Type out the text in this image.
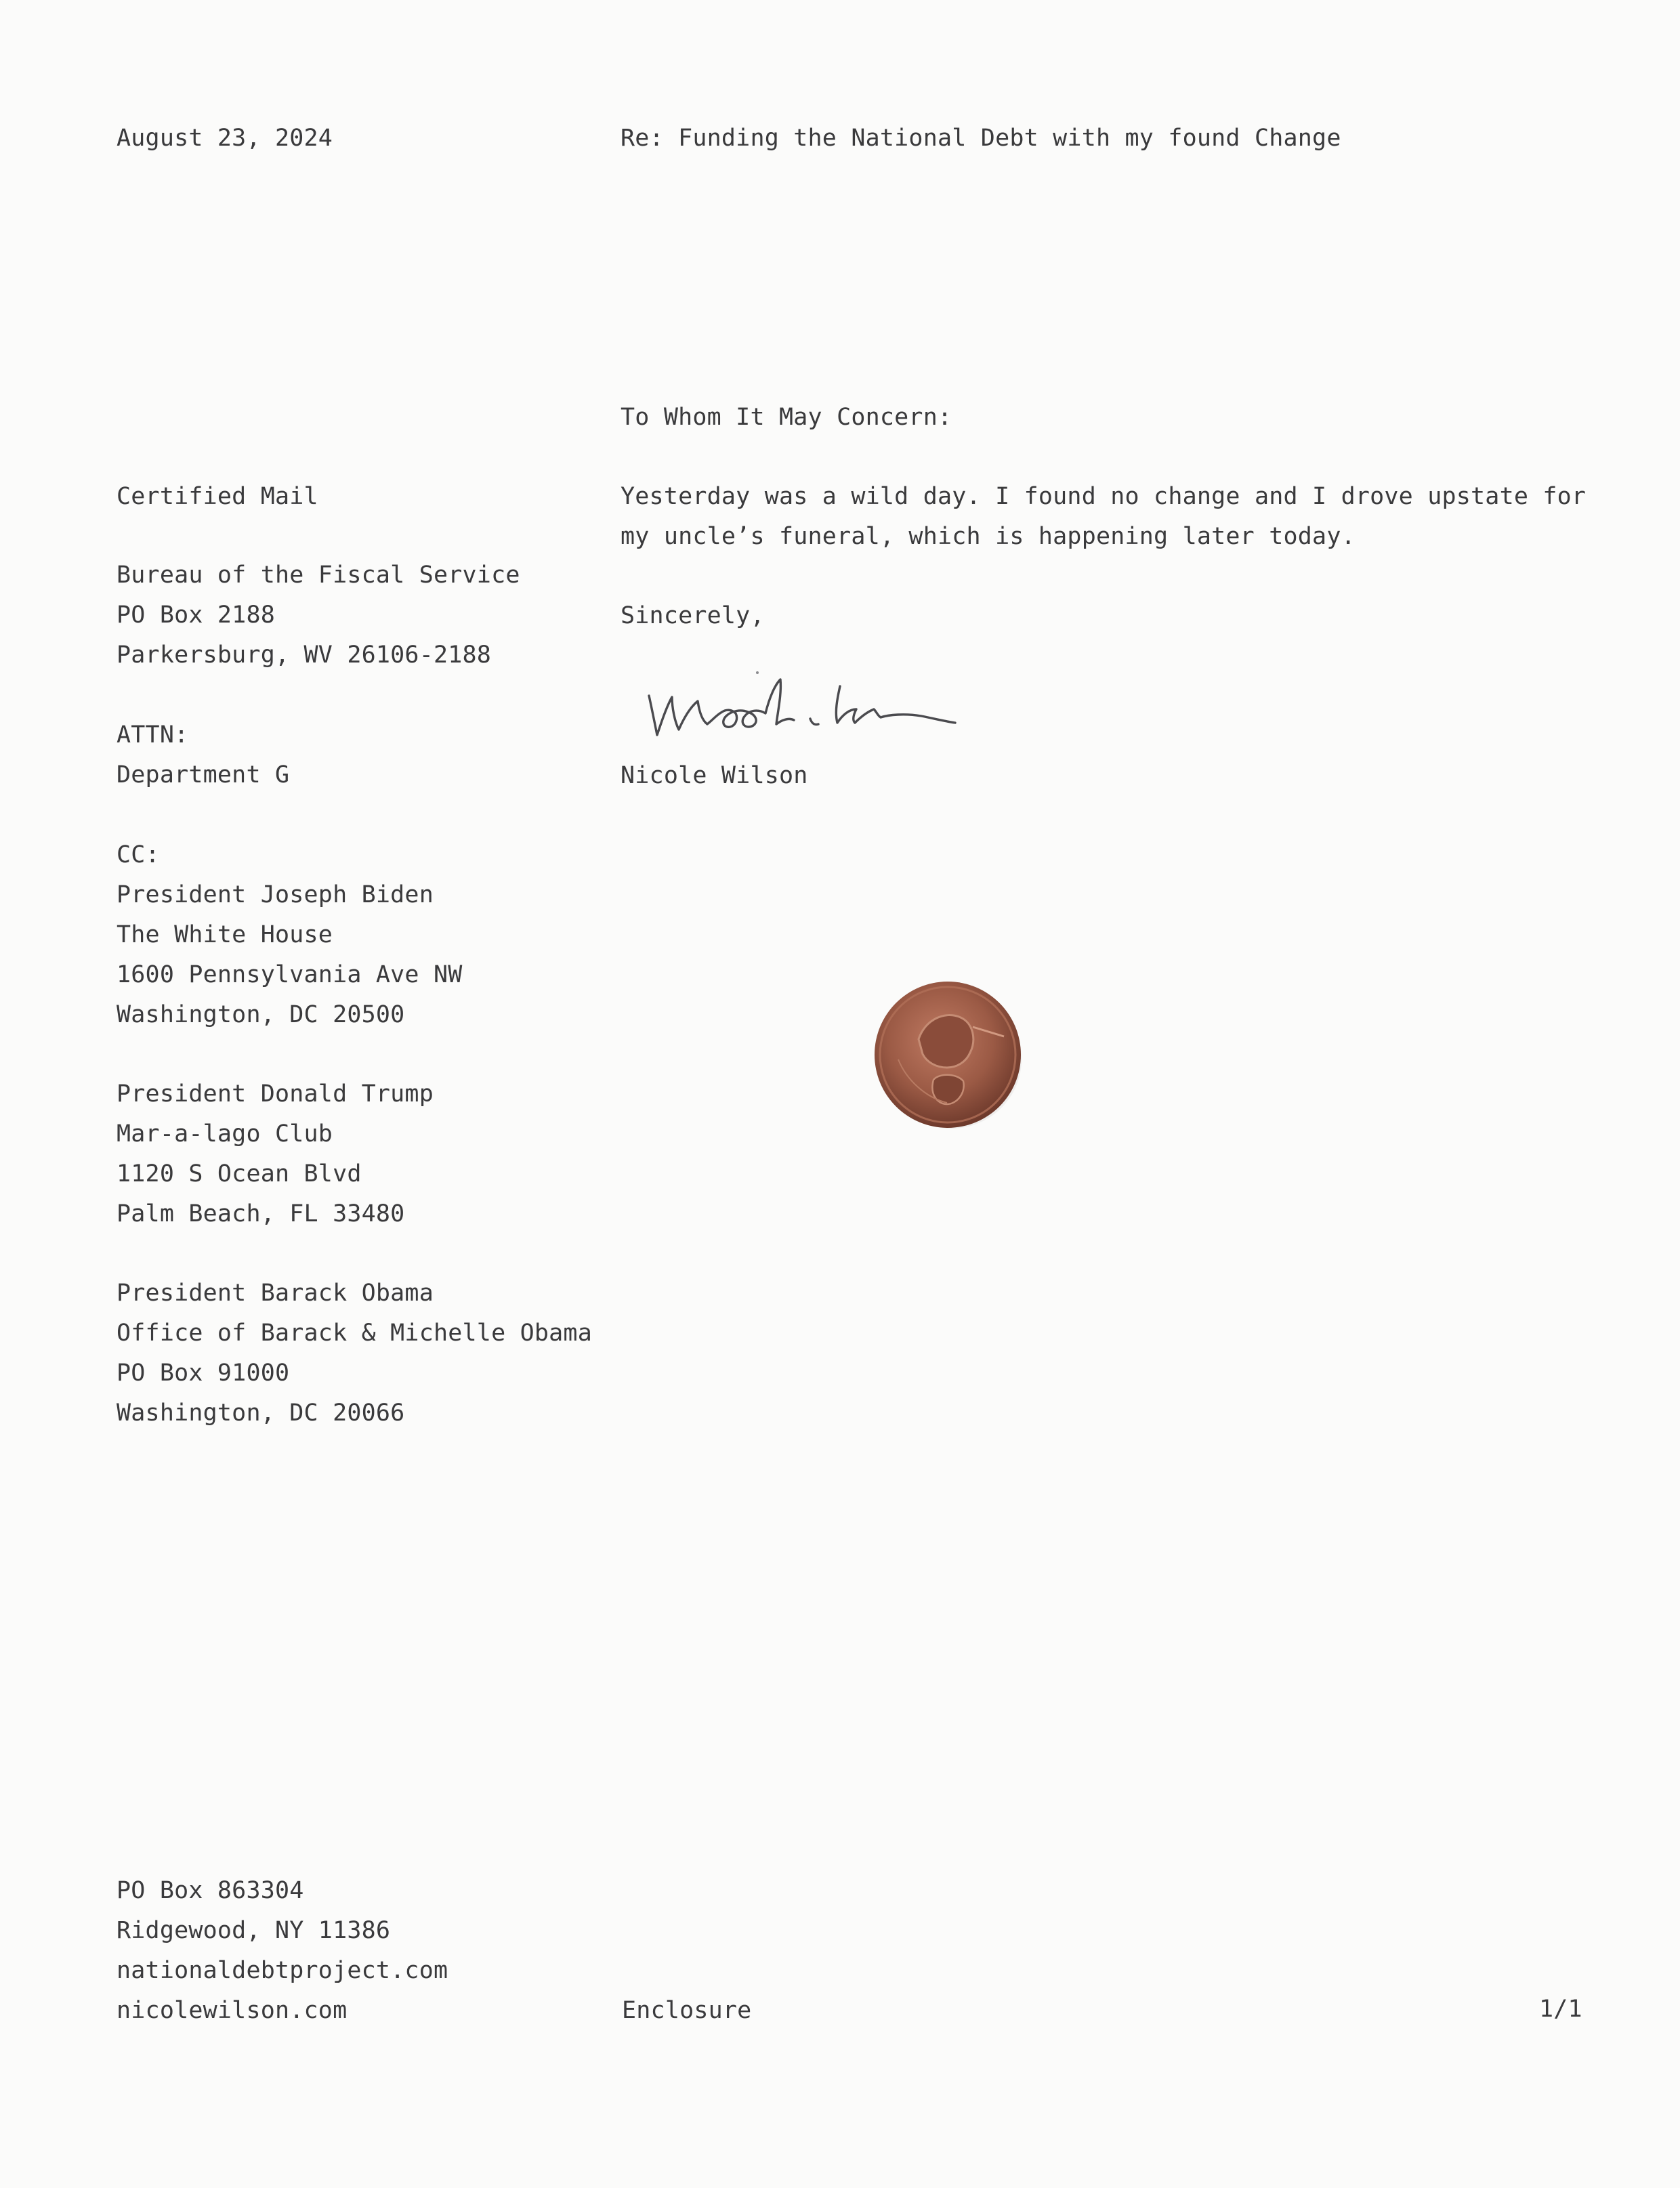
August 23, 2024	Re: Funding the National Debt with my found Change
To Whom It May Concern:
Certified Mail
Bureau of the Fiscal Service
PO Box 2188
Parkersburg, WV 26106-2188
ATTN:
Department G
CC:
President Joseph Biden
The White House
1600 Pennsylvania Ave NW
Washington, DC 20500
President Donald Trump
Mar-a-lago Club
1120 S Ocean Blvd
Palm Beach, FL 33480
President Barack Obama
Office of Barack & Michelle Obama
PO Box 91000
Washington, DC 20066
Yesterday was a wild day. I found no change and I drove upstate for
my uncle’s funeral, which is happening later today.
Sincerely,
Nicole Wilson
PO Box 863304
Ridgewood, NY 11386
nationaldebtproject.com
nicolewilson.com	Enclosure	1/1
